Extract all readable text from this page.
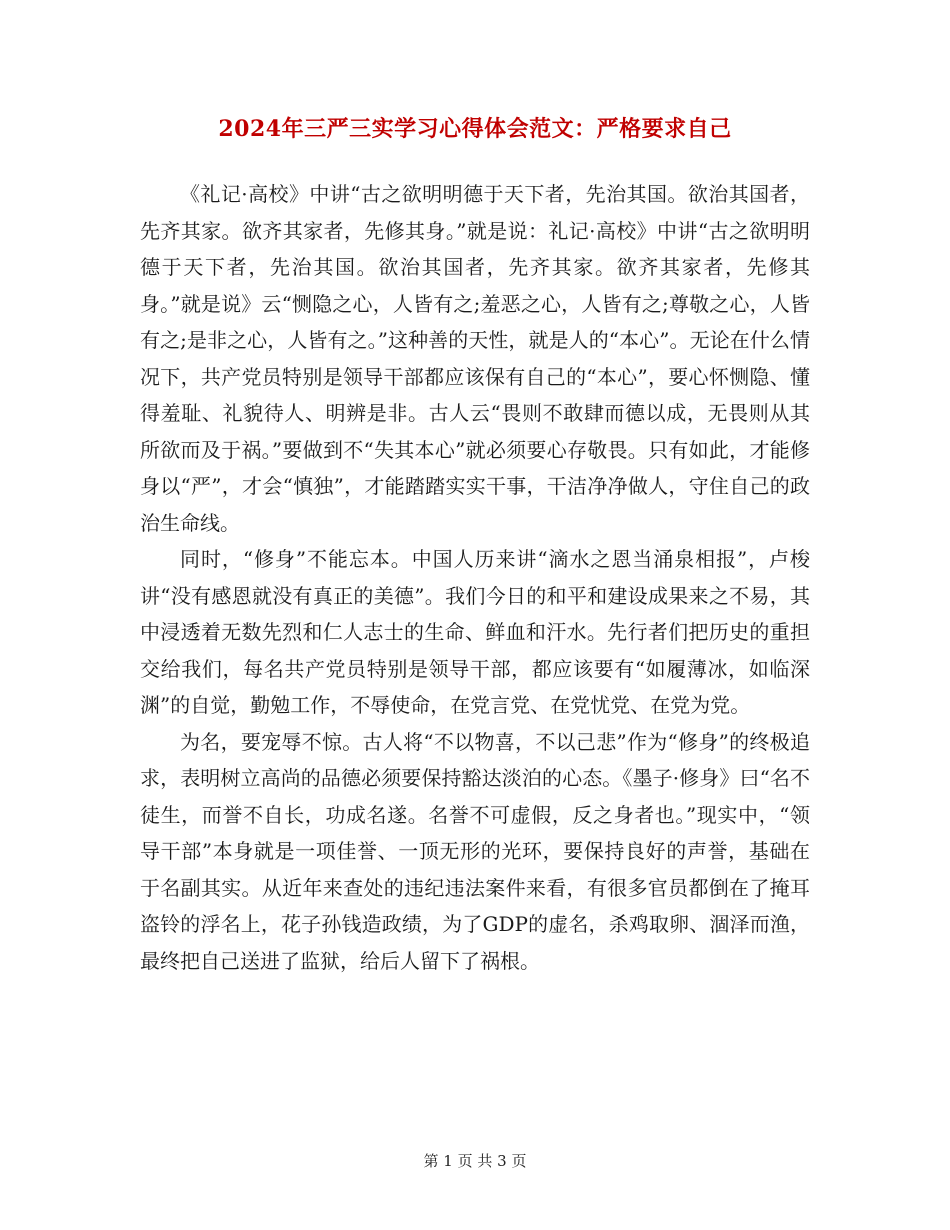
2024年三严三实学习心得体会范文：严格要求自己

《礼记·高校》中讲“古之欲明明德于天下者，先治其国。欲治其国者，先齐其家。欲齐其家者，先修其身。”就是说：礼记·高校》中讲“古之欲明明德于天下者，先治其国。欲治其国者，先齐其家。欲齐其家者，先修其身。”就是说》云“恻隐之心，人皆有之;羞恶之心，人皆有之;尊敬之心，人皆有之;是非之心，人皆有之。”这种善的天性，就是人的“本心”。无论在什么情况下，共产党员特别是领导干部都应该保有自己的“本心”，要心怀恻隐、懂得羞耻、礼貌待人、明辨是非。古人云“畏则不敢肆而德以成，无畏则从其所欲而及于祸。”要做到不“失其本心”就必须要心存敬畏。只有如此，才能修身以“严”，才会“慎独”，才能踏踏实实干事，干洁净净做人，守住自己的政治生命线。

同时，“修身”不能忘本。中国人历来讲“滴水之恩当涌泉相报”，卢梭讲“没有感恩就没有真正的美德”。我们今日的和平和建设成果来之不易，其中浸透着无数先烈和仁人志士的生命、鲜血和汗水。先行者们把历史的重担交给我们，每名共产党员特别是领导干部，都应该要有“如履薄冰，如临深渊”的自觉，勤勉工作，不辱使命，在党言党、在党忧党、在党为党。

为名，要宠辱不惊。古人将“不以物喜，不以己悲”作为“修身”的终极追求，表明树立高尚的品德必须要保持豁达淡泊的心态。《墨子·修身》曰“名不徒生，而誉不自长，功成名遂。名誉不可虚假，反之身者也。”现实中，“领导干部”本身就是一项佳誉、一顶无形的光环，要保持良好的声誉，基础在于名副其实。从近年来查处的违纪违法案件来看，有很多官员都倒在了掩耳盗铃的浮名上，花子孙钱造政绩，为了GDP的虚名，杀鸡取卵、涸泽而渔，最终把自己送进了监狱，给后人留下了祸根。

第 1 页 共 3 页
